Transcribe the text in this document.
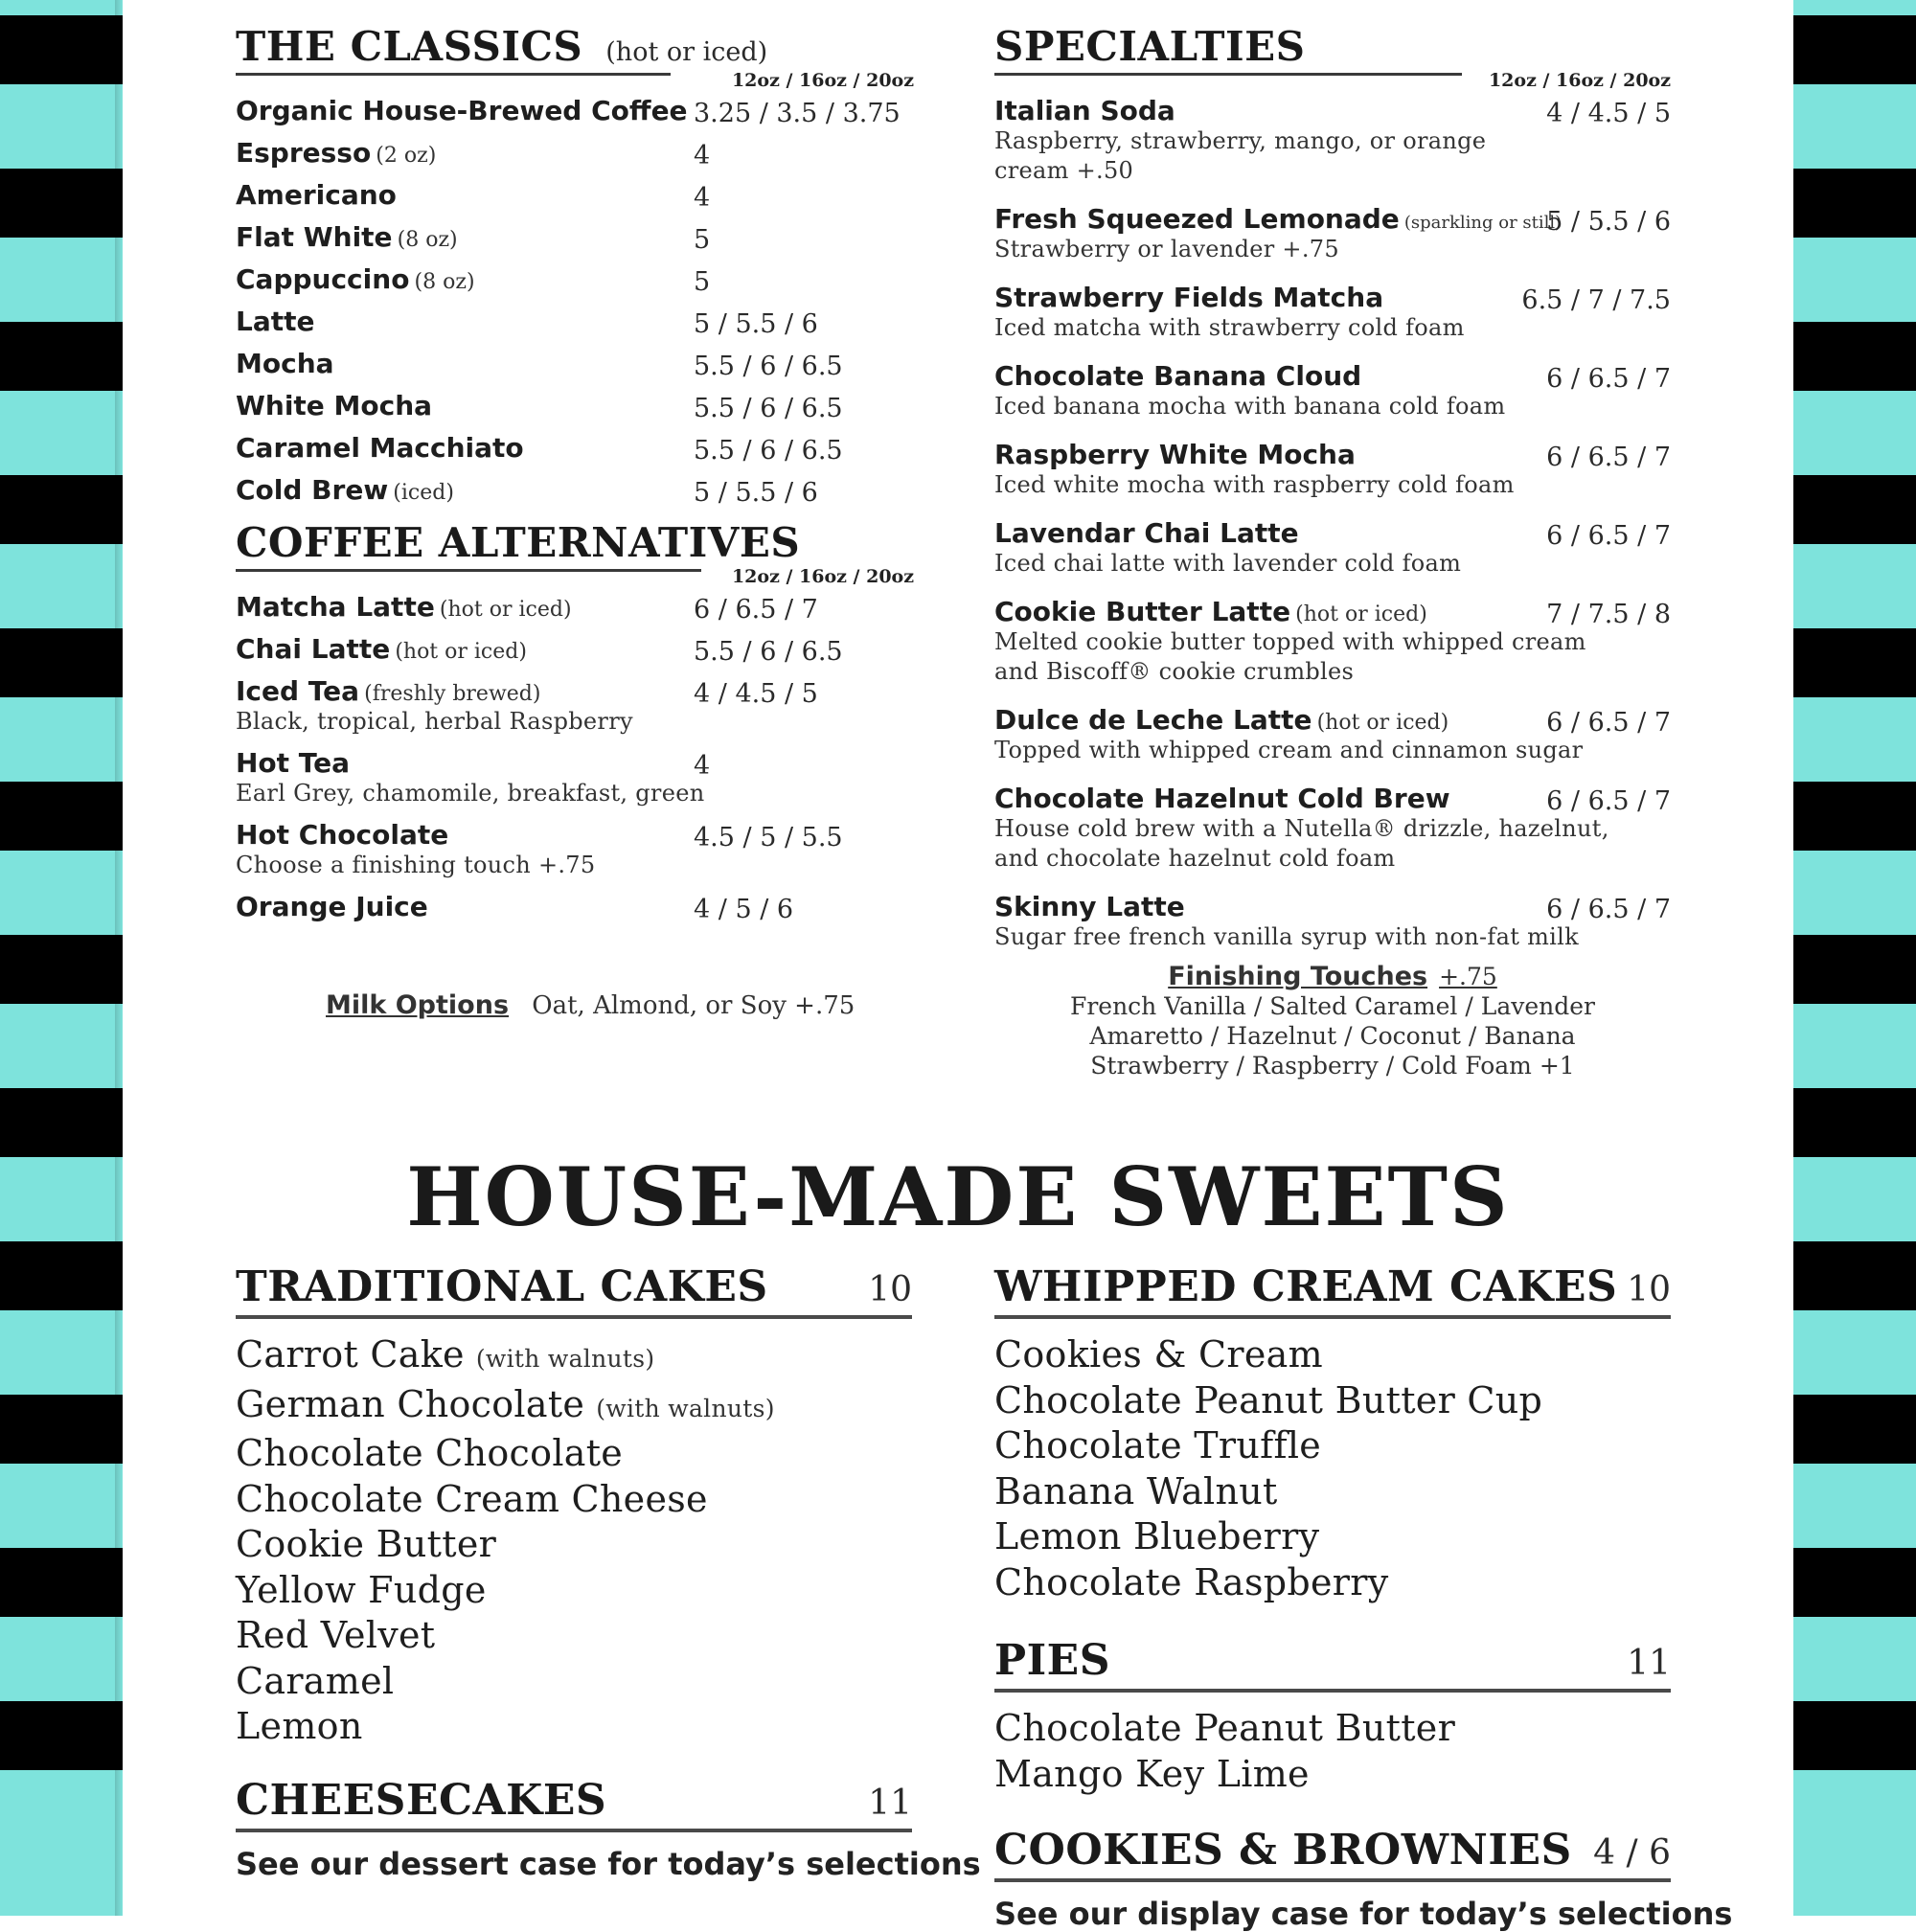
THE CLASSICS (hot or iced)
12oz / 16oz / 20oz
Organic House-Brewed Coffee 3.25 / 3.5 / 3.75
Espresso (2 oz)	4
Americano	4
Flat White (8 oz)	5
Cappuccino (8 oz)	5
Latte	5 / 5.5 / 6
Mocha	5.5 / 6 / 6.5
White Mocha	5.5 / 6 / 6.5
Caramel Macchiato	5.5 / 6 / 6.5
Cold Brew (iced)	5 / 5.5 / 6
COFFEE ALTERNATIVES
12oz / 16oz / 20oz
Matcha Latte (hot or iced)	6 / 6.5 / 7
Chai Latte (hot or iced)	5.5 / 6 / 6.5
Iced Tea (freshly brewed)	4 / 4.5 / 5
Black, tropical, herbal Raspberry
Hot Tea	4
Earl Grey, chamomile, breakfast, green
Hot Chocolate	4.5 / 5 / 5.5
Choose a finishing touch +.75
Orange Juice	4 / 5 / 6
Milk Options Oat, Almond, or Soy +.75
SPECIALTIES
12oz / 16oz / 20oz
Italian Soda	4 / 4.5 / 5
Raspberry, strawberry, mango, or orange
cream +.50
Fresh Squeezed Lemonade (sparkling or still)
5 / 5.5 / 6
Strawberry or lavender +.75
Strawberry Fields Matcha	6.5 / 7 / 7.5
Iced matcha with strawberry cold foam
Chocolate Banana Cloud	6 / 6.5 / 7
Iced banana mocha with banana cold foam
Raspberry White Mocha	6 / 6.5 / 7
Iced white mocha with raspberry cold foam
Lavendar Chai Latte	6 / 6.5 / 7
Iced chai latte with lavender cold foam
Cookie Butter Latte (hot or iced)	7 / 7.5 / 8
Melted cookie butter topped with whipped cream
and Biscoff® cookie crumbles
Dulce de Leche Latte (hot or iced)	6 / 6.5 / 7
Topped with whipped cream and cinnamon sugar
Chocolate Hazelnut Cold Brew	6 / 6.5 / 7
House cold brew with a Nutella® drizzle, hazelnut,
and chocolate hazelnut cold foam
Skinny Latte	6 / 6.5 / 7
Sugar free french vanilla syrup with non-fat milk
Finishing Touches +.75
French Vanilla / Salted Caramel / Lavender
Amaretto / Hazelnut / Coconut / Banana
Strawberry / Raspberry / Cold Foam +1
HOUSE-MADE SWEETS
TRADITIONAL CAKES	10
Carrot Cake (with walnuts)
German Chocolate (with walnuts)
Chocolate Chocolate
Chocolate Cream Cheese
Cookie Butter
Yellow Fudge
Red Velvet
Caramel
Lemon
CHEESECAKES	11
See our dessert case for today’s selections
WHIPPED CREAM CAKES 10
Cookies & Cream
Chocolate Peanut Butter Cup
Chocolate Truffle
Banana Walnut
Lemon Blueberry
Chocolate Raspberry
PIES	11
Chocolate Peanut Butter
Mango Key Lime
COOKIES & BROWNIES 4 / 6
See our display case for today’s selections
